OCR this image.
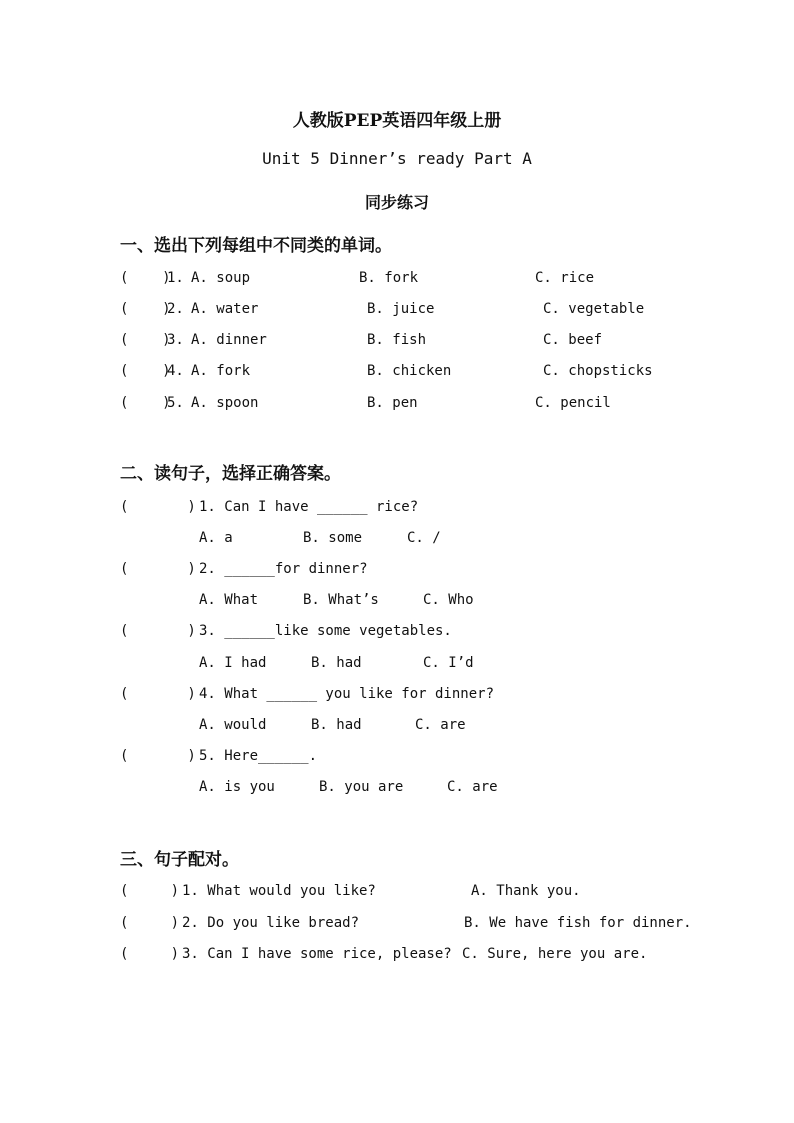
人教版PEP英语四年级上册
Unit 5 Dinner’s ready Part A
同步练习
一、选出下列每组中不同类的单词。
(    )
1. A. soup	B. fork	C. rice
(    )
2. A. water	B. juice	C. vegetable
(    )
3. A. dinner	B. fish	C. beef
(    )
4. A. fork	B. chicken	C. chopsticks
(    )
5. A. spoon	B. pen	C. pencil
二、读句子，选择正确答案。
(       ) 1. Can I have ______ rice?
A. a	B. some	C. /
(       ) 2. ______for dinner?
A. What	B. What’s	C. Who
(       ) 3. ______like some vegetables.
A. I had	B. had	C. I’d
(       ) 4. What ______ you like for dinner?
A. would	B. had	C. are
(       ) 5. Here______.
A. is you	B. you are	C. are
三、句子配对。
(     ) 1. What would you like?	A. Thank you.
(     ) 2. Do you like bread?	B. We have fish for dinner.
(     ) 3. Can I have some rice, please? C. Sure, here you are.
